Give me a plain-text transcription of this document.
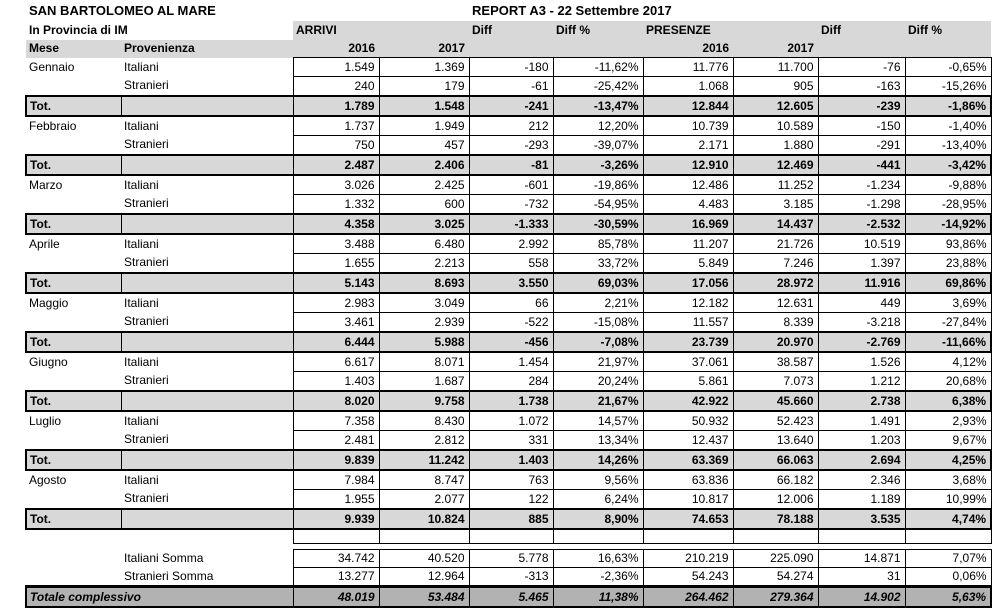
SAN BARTOLOMEO AL MARE				REPORT A3 - 22 Settembre 2017					
In Provincia di IM		ARRIVI		Diff	Diff %	PRESENZE		Diff	Diff %
Mese	Provenienza	2016	2017			2016	2017		
Gennaio	Italiani	1.549	1.369	-180	-11,62%	11.776	11.700	-76	-0,65%
	Stranieri	240	179	-61	-25,42%	1.068	905	-163	-15,26%
Tot.		1.789	1.548	-241	-13,47%	12.844	12.605	-239	-1,86%
Febbraio	Italiani	1.737	1.949	212	12,20%	10.739	10.589	-150	-1,40%
	Stranieri	750	457	-293	-39,07%	2.171	1.880	-291	-13,40%
Tot.		2.487	2.406	-81	-3,26%	12.910	12.469	-441	-3,42%
Marzo	Italiani	3.026	2.425	-601	-19,86%	12.486	11.252	-1.234	-9,88%
	Stranieri	1.332	600	-732	-54,95%	4.483	3.185	-1.298	-28,95%
Tot.		4.358	3.025	-1.333	-30,59%	16.969	14.437	-2.532	-14,92%
Aprile	Italiani	3.488	6.480	2.992	85,78%	11.207	21.726	10.519	93,86%
	Stranieri	1.655	2.213	558	33,72%	5.849	7.246	1.397	23,88%
Tot.		5.143	8.693	3.550	69,03%	17.056	28.972	11.916	69,86%
Maggio	Italiani	2.983	3.049	66	2,21%	12.182	12.631	449	3,69%
	Stranieri	3.461	2.939	-522	-15,08%	11.557	8.339	-3.218	-27,84%
Tot.		6.444	5.988	-456	-7,08%	23.739	20.970	-2.769	-11,66%
Giugno	Italiani	6.617	8.071	1.454	21,97%	37.061	38.587	1.526	4,12%
	Stranieri	1.403	1.687	284	20,24%	5.861	7.073	1.212	20,68%
Tot.		8.020	9.758	1.738	21,67%	42.922	45.660	2.738	6,38%
Luglio	Italiani	7.358	8.430	1.072	14,57%	50.932	52.423	1.491	2,93%
	Stranieri	2.481	2.812	331	13,34%	12.437	13.640	1.203	9,67%
Tot.		9.839	11.242	1.403	14,26%	63.369	66.063	2.694	4,25%
Agosto	Italiani	7.984	8.747	763	9,56%	63.836	66.182	2.346	3,68%
	Stranieri	1.955	2.077	122	6,24%	10.817	12.006	1.189	10,99%
Tot.		9.939	10.824	885	8,90%	74.653	78.188	3.535	4,74%

	Italiani Somma	34.742	40.520	5.778	16,63%	210.219	225.090	14.871	7,07%
	Stranieri Somma	13.277	12.964	-313	-2,36%	54.243	54.274	31	0,06%
Totale complessivo		48.019	53.484	5.465	11,38%	264.462	279.364	14.902	5,63%
